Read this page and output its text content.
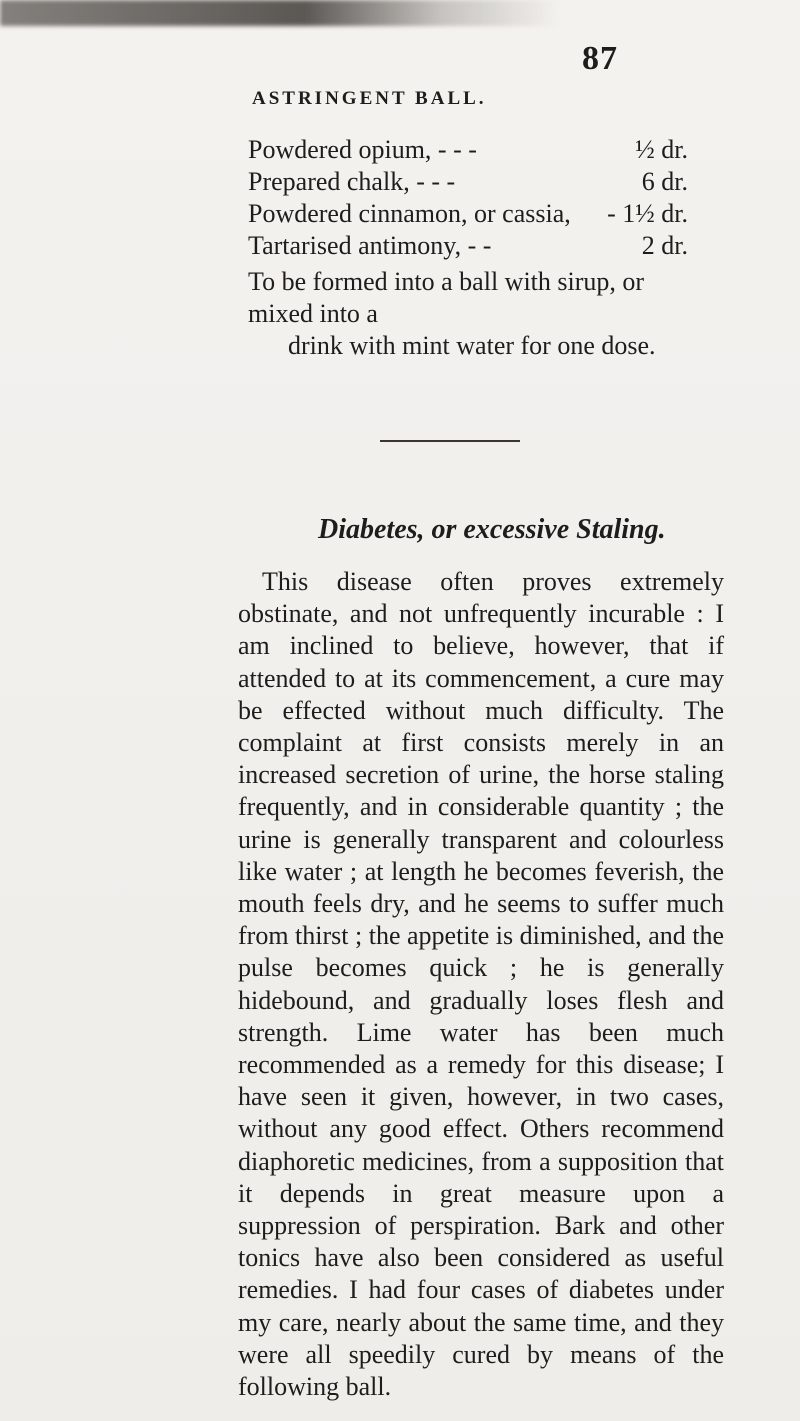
87
ASTRINGENT BALL.
Powdered opium, - - -	½ dr.
Prepared chalk, - - -	6 dr.
Powdered cinnamon, or cassia, - 1½ dr.
Tartarised antimony, - -	2 dr.
To be formed into a ball with sirup, or mixed into a
drink with mint water for one dose.
Diabetes, or excessive Staling.

This disease often proves extremely obstinate, and not unfrequently incurable : I am inclined to believe, however, that if attended to at its commencement, a cure may be effected without much difficulty. The complaint at first consists merely in an increased secretion of urine, the horse staling frequently, and in considerable quantity ; the urine is generally transparent and colourless like water ; at length he becomes feverish, the mouth feels dry, and he seems to suffer much from thirst ; the appetite is diminished, and the pulse becomes quick ; he is generally hidebound, and gradually loses flesh and strength. Lime water has been much recommended as a remedy for this disease; I have seen it given, however, in two cases, without any good effect. Others recommend diaphoretic medicines, from a supposition that it depends in great measure upon a suppression of perspiration. Bark and other tonics have also been considered as useful remedies. I had four cases of diabetes under my care, nearly about the same time, and they were all speedily cured by means of the following ball.
